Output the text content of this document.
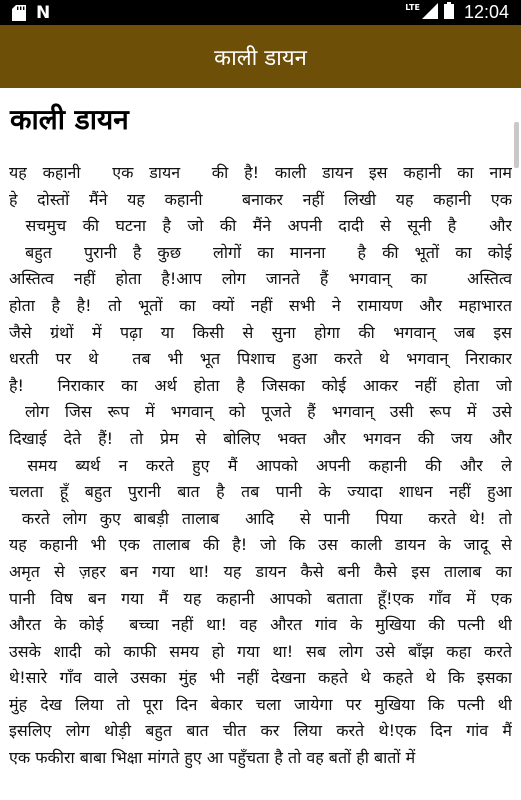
N	LTE 12:04
काली डायन
काली डायन
यह कहानी  एक डायन  की है! काली डायन इस कहानी का नाम
हे दोस्तों मैंने यह कहानी  बनाकर नहीं लिखी यह कहानी एक
सचमुच की घटना है जो की मैंने अपनी दादी से सूनी है  और
बहुत  पुरानी है कुछ  लोगों का मानना  है की भूतों का कोई
अस्तित्व नहीं होता है!आप लोग जानते हैं भगवान् का  अस्तित्व
होता है है! तो भूतों का क्यों नहीं सभी ने रामायण और महाभारत
जैसे ग्रंथों में पढ़ा या किसी से सुना होगा की भगवान् जब इस
धरती पर थे  तब भी भूत पिशाच हुआ करते थे भगवान् निराकार
है!  निराकार का अर्थ होता है जिसका कोई आकर नहीं होता जो
लोग जिस रूप में भगवान् को पूजते हैं भगवान् उसी रूप में उसे
दिखाई देते हैं! तो प्रेम से बोलिए भक्त और भगवन की जय और
समय ब्यर्थ न करते हुए मैं आपको अपनी कहानी की और ले
चलता हूँ बहुत पुरानी बात है तब पानी के ज्यादा शाधन नहीं हुआ
करते लोग कुए बाबड़ी तालाब  आदि  से पानी  पिया  करते थे! तो
यह कहानी भी एक तालाब की है! जो कि उस काली डायन के जादू से
अमृत से ज़हर बन गया था! यह डायन कैसे बनी कैसे इस तालाब का
पानी विष बन गया मैं यह कहानी आपको बताता हूँ!एक गाँव में एक
औरत के कोई  बच्चा नहीं था! वह औरत गांव के मुखिया की पत्नी थी
उसके शादी को काफी समय हो गया था! सब लोग उसे बाँझ कहा करते
थे!सारे गाँव वाले उसका मुंह भी नहीं देखना कहते थे कहते थे कि इसका
मुंह देख लिया तो पूरा दिन बेकार चला जायेगा पर मुखिया कि पत्नी थी
इसलिए लोग थोड़ी बहुत बात चीत कर लिया करते थे!एक दिन गांव मैं
एक फकीरा बाबा भिक्षा मांगते हुए आ पहुँचता है तो वह बतों ही बातों में
